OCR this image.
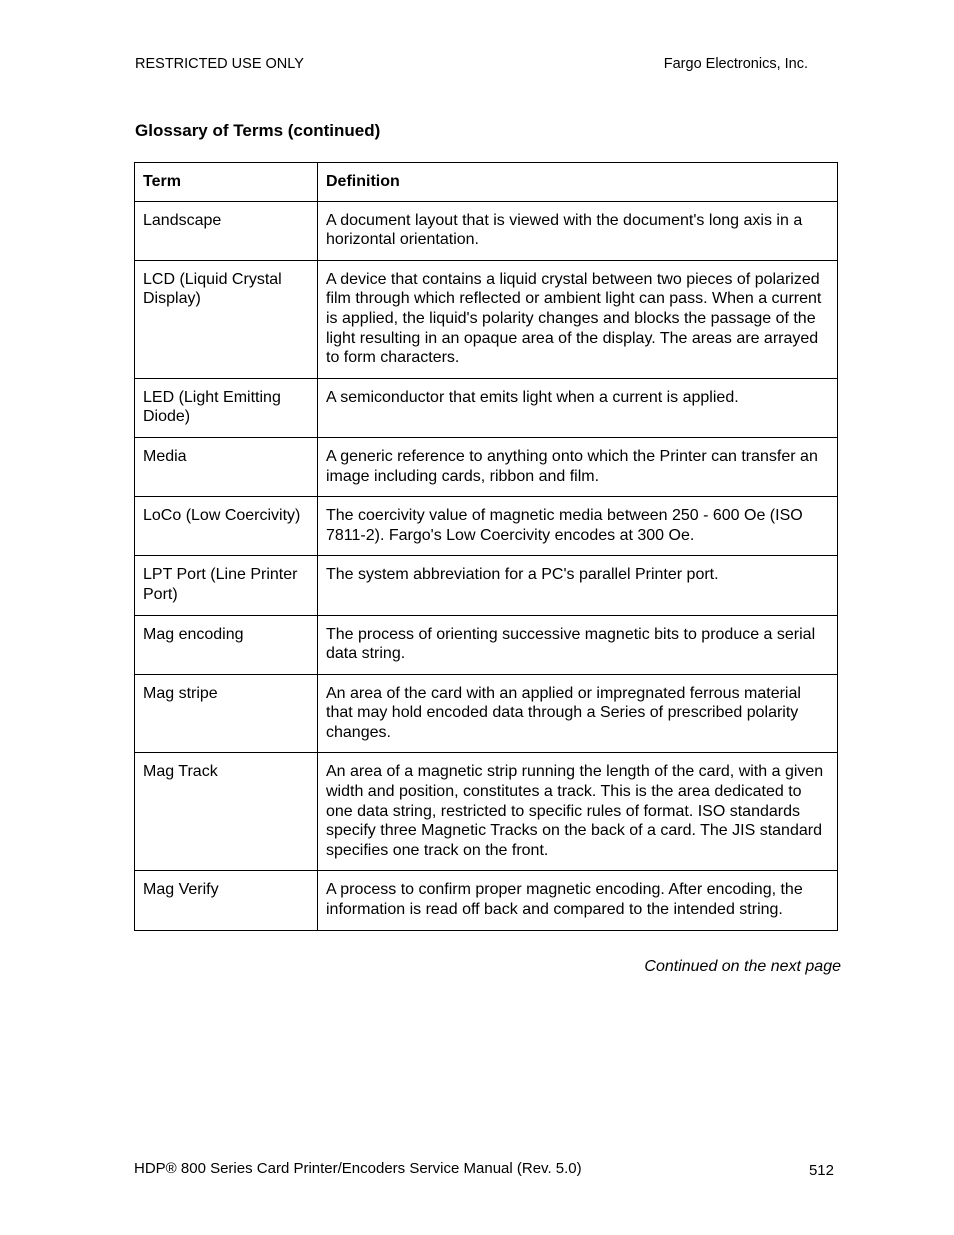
RESTRICTED USE ONLY	Fargo Electronics, Inc.
Glossary of Terms (continued)
Term	Definition
Landscape	A document layout that is viewed with the document's long axis in a horizontal orientation.
LCD (Liquid Crystal Display)	A device that contains a liquid crystal between two pieces of polarized film through which reflected or ambient light can pass. When a current is applied, the liquid's polarity changes and blocks the passage of the light resulting in an opaque area of the display. The areas are arrayed to form characters.
LED (Light Emitting Diode)	A semiconductor that emits light when a current is applied.
Media	A generic reference to anything onto which the Printer can transfer an image including cards, ribbon and film.
LoCo (Low Coercivity)	The coercivity value of magnetic media between 250 - 600 Oe (ISO 7811-2). Fargo's Low Coercivity encodes at 300 Oe.
LPT Port (Line Printer Port)	The system abbreviation for a PC's parallel Printer port.
Mag encoding	The process of orienting successive magnetic bits to produce a serial data string.
Mag stripe	An area of the card with an applied or impregnated ferrous material that may hold encoded data through a Series of prescribed polarity changes.
Mag Track	An area of a magnetic strip running the length of the card, with a given width and position, constitutes a track. This is the area dedicated to one data string, restricted to specific rules of format. ISO standards specify three Magnetic Tracks on the back of a card. The JIS standard specifies one track on the front.
Mag Verify	A process to confirm proper magnetic encoding. After encoding, the information is read off back and compared to the intended string.
Continued on the next page
HDP® 800 Series Card Printer/Encoders Service Manual (Rev. 5.0)	512
